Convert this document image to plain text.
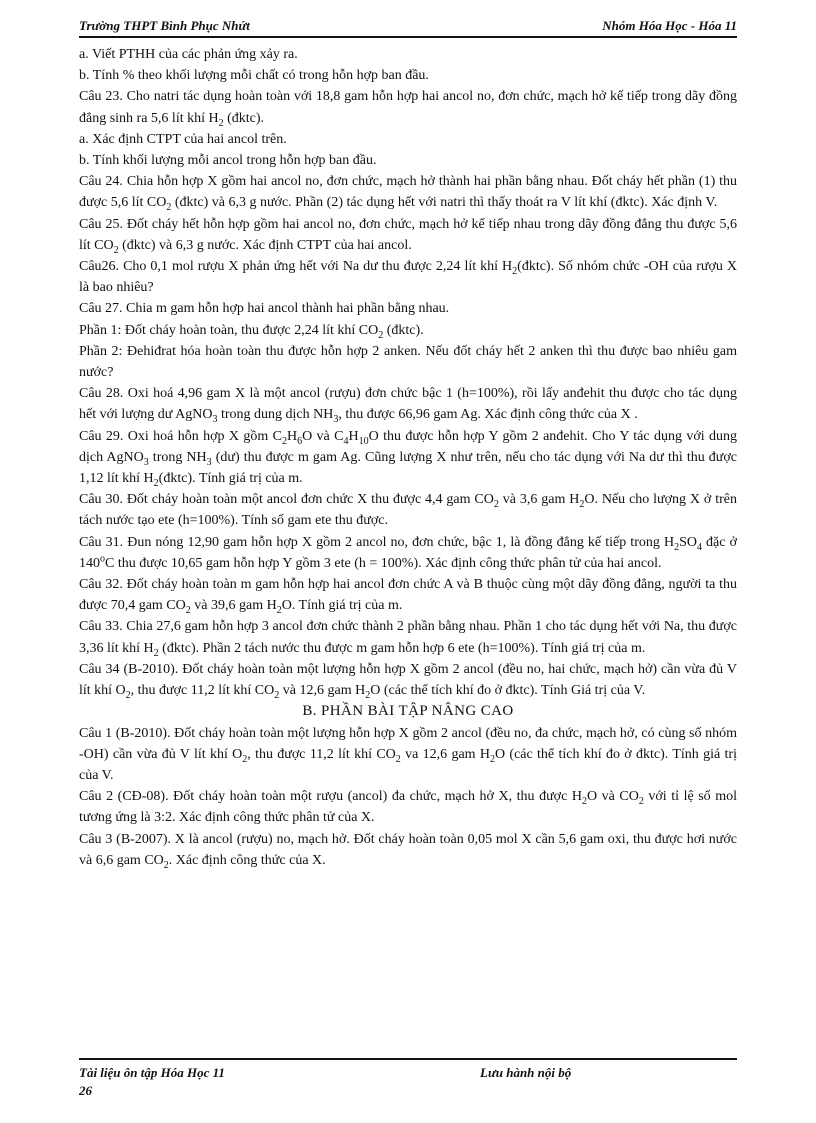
Trường THPT Bình Phục Nhứt	Nhóm Hóa Học - Hóa 11

a. Viết PTHH của các phản ứng xảy ra.

b. Tính % theo khối lượng mỗi chất có trong hỗn hợp ban đầu.

Câu 23. Cho natri tác dụng hoàn toàn với 18,8 gam hỗn hợp hai ancol no, đơn chức, mạch hở kế tiếp trong dãy đồng đẳng sinh ra 5,6 lít khí $H_2$ (đktc).

a. Xác định CTPT của hai ancol trên.

b. Tính khối lượng mỗi ancol trong hỗn hợp ban đầu.

Câu 24. Chia hỗn hợp X gồm hai ancol no, đơn chức, mạch hở thành hai phần bằng nhau. Đốt cháy hết phần (1) thu được 5,6 lít $CO_2$ (đktc) và 6,3 g nước. Phần (2) tác dụng hết với natri thì thấy thoát ra V lít khí (đktc). Xác định V.

Câu 25. Đốt cháy hết hỗn hợp gồm hai ancol no, đơn chức, mạch hở kế tiếp nhau trong dãy đồng đẳng thu được 5,6 lít $CO_2$ (đktc) và 6,3 g nước. Xác định CTPT của hai ancol.

Câu26. Cho 0,1 mol rượu X phản ứng hết với Na dư thu được 2,24 lít khí $H_2(đktc)$. Số nhóm chức -OH của rượu X là bao nhiêu?

Câu 27. Chia m gam hỗn hợp hai ancol thành hai phần bằng nhau.

Phần 1: Đốt cháy hoàn toàn, thu được 2,24 lít khí $CO_2$ (đktc).

Phần 2: Đehiđrat hóa hoàn toàn thu được hỗn hợp 2 anken. Nếu đốt cháy hết 2 anken thì thu được bao nhiêu gam nước?

Câu 28. Oxi hoá 4,96 gam X là một ancol (rượu) đơn chức bậc 1 (h=100%), rồi lấy anđehit thu được cho tác dụng hết với lượng dư AgNO$_3$ trong dung dịch $NH_3$, thu được 66,96 gam Ag. Xác định công thức của X .

Câu 29. Oxi hoá hỗn hợp X gồm $C_2H_6O$ và $C_4H_{10}O$ thu được hỗn hợp Y gồm 2 anđehit. Cho Y tác dụng với dung dịch AgNO$_3$ trong $NH_3$ (dư) thu được m gam Ag. Cũng lượng X như trên, nếu cho tác dụng với Na dư thì thu được 1,12 lít khí $H_2(đktc)$. Tính giá trị của m.

Câu 30. Đốt cháy hoàn toàn một ancol đơn chức X thu được 4,4 gam $CO_2$ và 3,6 gam $H_2O$. Nếu cho lượng X ở trên tách nước tạo ete (h=100%). Tính số gam ete thu được.

Câu 31. Đun nóng 12,90 gam hỗn hợp X gồm 2 ancol no, đơn chức, bậc 1, là đồng đẳng kế tiếp trong $H_2SO_4$ đặc ở 140$^o$C thu được 10,65 gam hỗn hợp Y gồm 3 ete (h = 100%). Xác định công thức phân tử của hai ancol.

Câu 32. Đốt cháy hoàn toàn m gam hỗn hợp hai ancol đơn chức A và B thuộc cùng một dãy đồng đẳng, người ta thu được 70,4 gam $CO_2$ và 39,6 gam $H_2O$. Tính giá trị của m.

Câu 33. Chia 27,6 gam hỗn hợp 3 ancol đơn chức thành 2 phần bằng nhau. Phần 1 cho tác dụng hết với Na, thu được 3,36 lít khí $H_2$ (đktc). Phần 2 tách nước thu được m gam hỗn hợp 6 ete (h=100%). Tính giá trị của m.

Câu 34 (B-2010). Đốt cháy hoàn toàn một lượng hỗn hợp X gồm 2 ancol (đều no, hai chức, mạch hở) cần vừa đủ V lít khí $O_2$, thu được 11,2 lít khí $CO_2$ và 12,6 gam $H_2O$ (các thể tích khí đo ở đktc). Tính Giá trị của V.

B. PHẦN BÀI TẬP NÂNG CAO

Câu 1 (B-2010). Đốt cháy hoàn toàn một lượng hỗn hợp X gồm 2 ancol (đều no, đa chức, mạch hở, có cùng số nhóm -OH) cần vừa đủ V lít khí $O_2$, thu được 11,2 lít khí $CO_2$ va 12,6 gam $H_2O$ (các thể tích khí đo ở đktc). Tính giá trị của V.

Câu 2 (CĐ-08). Đốt cháy hoàn toàn một rượu (ancol) đa chức, mạch hở X, thu được $H_2O$ và $CO_2$ với tỉ lệ số mol tương ứng là 3:2. Xác định công thức phân tử của X.

Câu 3 (B-2007). X là ancol (rượu) no, mạch hở. Đốt cháy hoàn toàn 0,05 mol X cần 5,6 gam oxi, thu được hơi nước và 6,6 gam $CO_2$. Xác định công thức của X.

Tài liệu ôn tập Hóa Học 11	Lưu hành nội bộ
26
